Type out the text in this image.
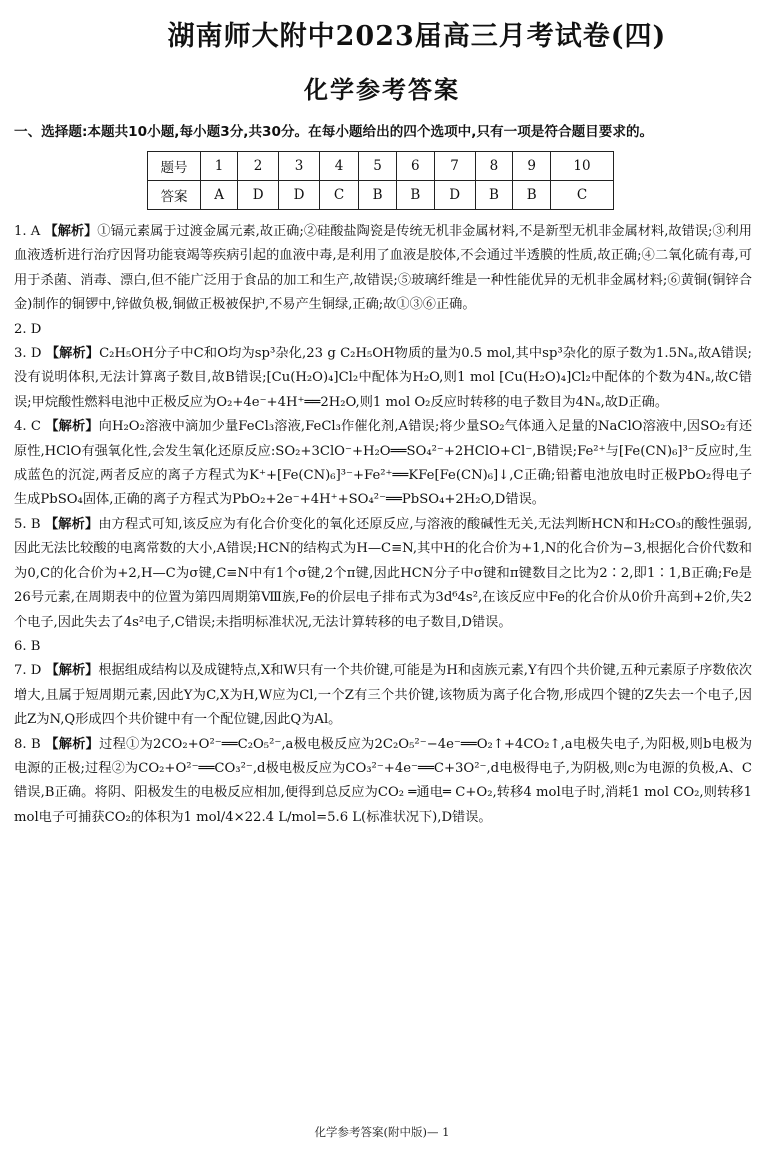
湖南师大附中2023届高三月考试卷(四)
化学参考答案
一、选择题:本题共10小题,每小题3分,共30分。在每小题给出的四个选项中,只有一项是符合题目要求的。
题号	1	2	3	4	5	6	7	8	9	10
答案	A	D	D	C	B	B	D	B	B	C
1. A 【解析】①镉元素属于过渡金属元素,故正确;②硅酸盐陶瓷是传统无机非金属材料,不是新型无机非金属材料,故错误;③利用血液透析进行治疗因肾功能衰竭等疾病引起的血液中毒,是利用了血液是胶体,不会通过半透膜的性质,故正确;④二氧化硫有毒,可用于杀菌、消毒、漂白,但不能广泛用于食品的加工和生产,故错误;⑤玻璃纤维是一种性能优异的无机非金属材料;⑥黄铜(铜锌合金)制作的铜锣中,锌做负极,铜做正极被保护,不易产生铜绿,正确;故①③⑥正确。
2. D
3. D 【解析】C₂H₅OH分子中C和O均为sp³杂化,23 g C₂H₅OH物质的量为0.5 mol,其中sp³杂化的原子数为1.5Nₐ,故A错误;没有说明体积,无法计算离子数目,故B错误;[Cu(H₂O)₄]Cl₂中配体为H₂O,则1 mol [Cu(H₂O)₄]Cl₂中配体的个数为4Nₐ,故C错误;甲烷酸性燃料电池中正极反应为O₂+4e⁻+4H⁺══2H₂O,则1 mol O₂反应时转移的电子数目为4Nₐ,故D正确。
4. C 【解析】向H₂O₂溶液中滴加少量FeCl₃溶液,FeCl₃作催化剂,A错误;将少量SO₂气体通入足量的NaClO溶液中,因SO₂有还原性,HClO有强氧化性,会发生氧化还原反应:SO₂+3ClO⁻+H₂O══SO₄²⁻+2HClO+Cl⁻,B错误;Fe²⁺与[Fe(CN)₆]³⁻反应时,生成蓝色的沉淀,两者反应的离子方程式为K⁺+[Fe(CN)₆]³⁻+Fe²⁺══KFe[Fe(CN)₆]↓,C正确;铅蓄电池放电时正极PbO₂得电子生成PbSO₄固体,正确的离子方程式为PbO₂+2e⁻+4H⁺+SO₄²⁻══PbSO₄+2H₂O,D错误。
5. B 【解析】由方程式可知,该反应为有化合价变化的氧化还原反应,与溶液的酸碱性无关,无法判断HCN和H₂CO₃的酸性强弱,因此无法比较酸的电离常数的大小,A错误;HCN的结构式为H—C≡N,其中H的化合价为+1,N的化合价为−3,根据化合价代数和为0,C的化合价为+2,H—C为σ键,C≡N中有1个σ键,2个π键,因此HCN分子中σ键和π键数目之比为2∶2,即1∶1,B正确;Fe是26号元素,在周期表中的位置为第四周期第Ⅷ族,Fe的价层电子排布式为3d⁶4s²,在该反应中Fe的化合价从0价升高到+2价,失2个电子,因此失去了4s²电子,C错误;未指明标准状况,无法计算转移的电子数目,D错误。
6. B
7. D 【解析】根据组成结构以及成键特点,X和W只有一个共价键,可能是为H和卤族元素,Y有四个共价键,五种元素原子序数依次增大,且属于短周期元素,因此Y为C,X为H,W应为Cl,一个Z有三个共价键,该物质为离子化合物,形成四个键的Z失去一个电子,因此Z为N,Q形成四个共价键中有一个配位键,因此Q为Al。
8. B 【解析】过程①为2CO₂+O²⁻══C₂O₅²⁻,a极电极反应为2C₂O₅²⁻−4e⁻══O₂↑+4CO₂↑,a电极失电子,为阳极,则b电极为电源的正极;过程②为CO₂+O²⁻══CO₃²⁻,d极电极反应为CO₃²⁻+4e⁻══C+3O²⁻,d电极得电子,为阴极,则c为电源的负极,A、C错误,B正确。将阴、阳极发生的电极反应相加,便得到总反应为CO₂ ═通电═ C+O₂,转移4 mol电子时,消耗1 mol CO₂,则转移1 mol电子可捕获CO₂的体积为1 mol/4×22.4 L/mol=5.6 L(标准状况下),D错误。
化学参考答案(附中版)— 1
